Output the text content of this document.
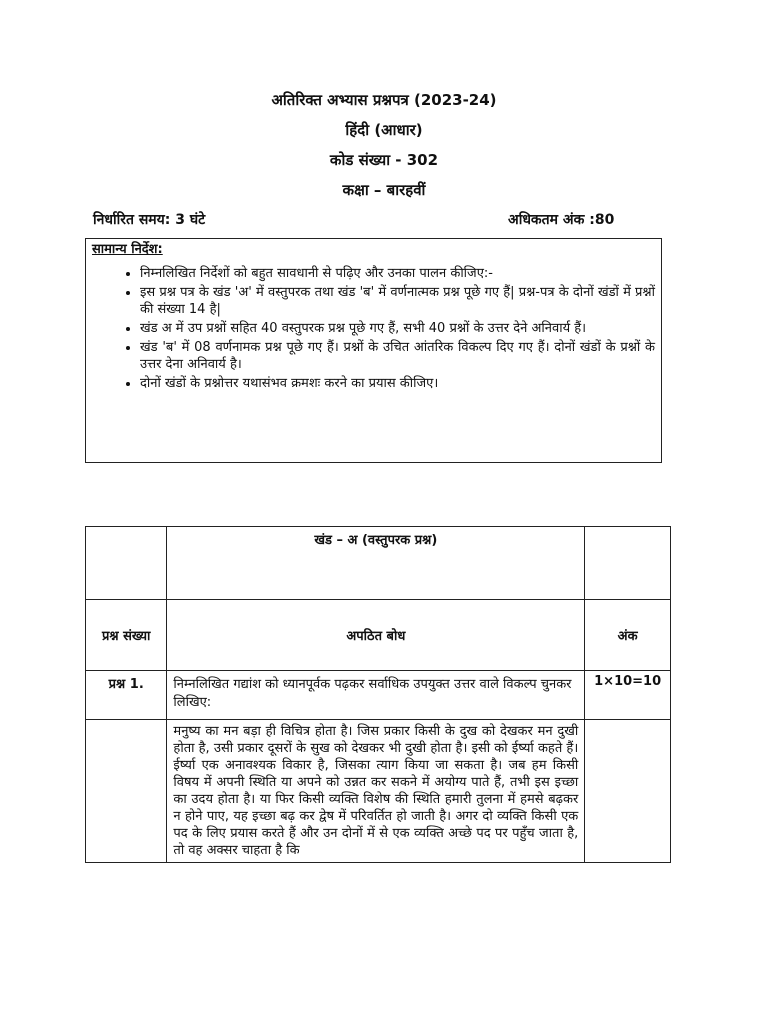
अतिरिक्त अभ्यास प्रश्नपत्र (2023-24)
हिंदी (आधार)
कोड संख्या - 302
कक्षा – बारहवीं
निर्धारित समय: 3 घंटे	अधिकतम अंक :80
सामान्य निर्देश:
• निम्नलिखित निर्देशों को बहुत सावधानी से पढ़िए और उनका पालन कीजिए:-
• इस प्रश्न पत्र के खंड 'अ' में वस्तुपरक तथा खंड 'ब' में वर्णनात्मक प्रश्न पूछे गए हैं| प्रश्न-पत्र के दोनों खंडों में प्रश्नों की संख्या 14 है|
• खंड अ में उप प्रश्नों सहित 40 वस्तुपरक प्रश्न पूछे गए हैं, सभी 40 प्रश्नों के उत्तर देने अनिवार्य हैं।
• खंड 'ब' में 08 वर्णनामक प्रश्न पूछे गए हैं। प्रश्नों के उचित आंतरिक विकल्प दिए गए हैं। दोनों खंडों के प्रश्नों के उत्तर देना अनिवार्य है।
• दोनों खंडों के प्रश्नोत्तर यथासंभव क्रमशः करने का प्रयास कीजिए।
	खंड – अ (वस्तुपरक प्रश्न)	
प्रश्न संख्या	अपठित बोध	अंक
प्रश्न 1.	निम्नलिखित गद्यांश को ध्यानपूर्वक पढ़कर सर्वाधिक उपयुक्त उत्तर वाले विकल्प चुनकर लिखिए:	1×10=10
	मनुष्य का मन बड़ा ही विचित्र होता है। जिस प्रकार किसी के दुख को देखकर मन दुखी होता है, उसी प्रकार दूसरों के सुख को देखकर भी दुखी होता है। इसी को ईर्ष्या कहते हैं। ईर्ष्या एक अनावश्यक विकार है, जिसका त्याग किया जा सकता है। जब हम किसी विषय में अपनी स्थिति या अपने को उन्नत कर सकने में अयोग्य पाते हैं, तभी इस इच्छा का उदय होता है। या फिर किसी व्यक्ति विशेष की स्थिति हमारी तुलना में हमसे बढ़कर न होने पाए, यह इच्छा बढ़ कर द्वेष में परिवर्तित हो जाती है। अगर दो व्यक्ति किसी एक पद के लिए प्रयास करते हैं और उन दोनों में से एक व्यक्ति अच्छे पद पर पहुँच जाता है, तो वह अक्सर चाहता है कि	
